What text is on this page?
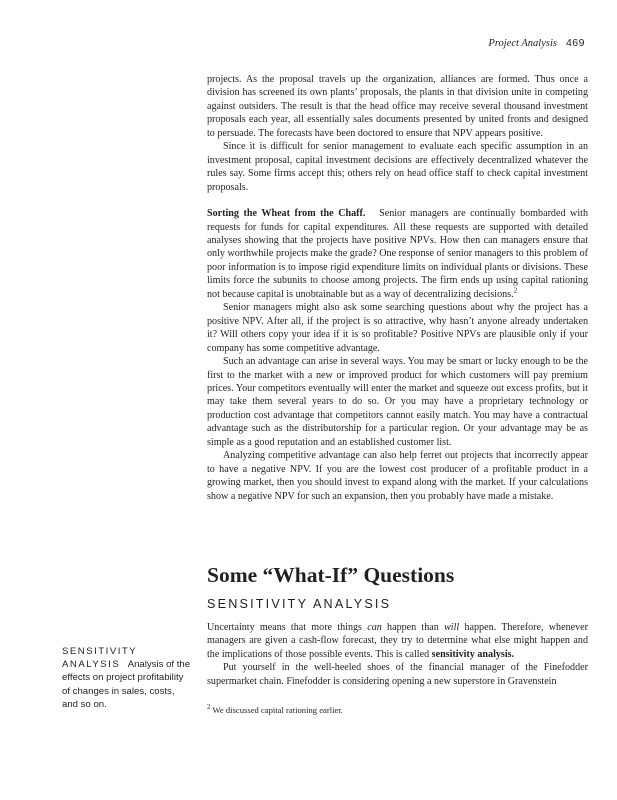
Project Analysis 469

projects. As the proposal travels up the organization, alliances are formed. Thus once a division has screened its own plants’ proposals, the plants in that division unite in competing against outsiders. The result is that the head office may receive several thousand investment proposals each year, all essentially sales documents presented by united fronts and designed to persuade. The forecasts have been doctored to ensure that NPV appears positive.

Since it is difficult for senior management to evaluate each specific assumption in an investment proposal, capital investment decisions are effectively decentralized whatever the rules say. Some firms accept this; others rely on head office staff to check capital investment proposals.

Sorting the Wheat from the Chaff. Senior managers are continually bombarded with requests for funds for capital expenditures. All these requests are supported with detailed analyses showing that the projects have positive NPVs. How then can managers ensure that only worthwhile projects make the grade? One response of senior managers to this problem of poor information is to impose rigid expenditure limits on individual plants or divisions. These limits force the subunits to choose among projects. The firm ends up using capital rationing not because capital is unobtainable but as a way of decentralizing decisions.$^2$

Senior managers might also ask some searching questions about why the project has a positive NPV. After all, if the project is so attractive, why hasn’t anyone already undertaken it? Will others copy your idea if it is so profitable? Positive NPVs are plausible only if your company has some competitive advantage.

Such an advantage can arise in several ways. You may be smart or lucky enough to be the first to the market with a new or improved product for which customers will pay premium prices. Your competitors eventually will enter the market and squeeze out excess profits, but it may take them several years to do so. Or you may have a proprietary technology or production cost advantage that competitors cannot easily match. You may have a contractual advantage such as the distributorship for a particular region. Or your advantage may be as simple as a good reputation and an established customer list.

Analyzing competitive advantage can also help ferret out projects that incorrectly appear to have a negative NPV. If you are the lowest cost producer of a profitable product in a growing market, then you should invest to expand along with the market. If your calculations show a negative NPV for such an expansion, then you probably have made a mistake.

Some “What-If” Questions
SENSITIVITY ANALYSIS

Uncertainty means that more things can happen than will happen. Therefore, whenever managers are given a cash-flow forecast, they try to determine what else might happen and the implications of those possible events. This is called sensitivity analysis.

Put yourself in the well-heeled shoes of the financial manager of the Finefodder supermarket chain. Finefodder is considering opening a new superstore in Gravenstein

SENSITIVITY ANALYSIS Analysis of the effects on project profitability of changes in sales, costs, and so on.	$^2$ We discussed capital rationing earlier.
